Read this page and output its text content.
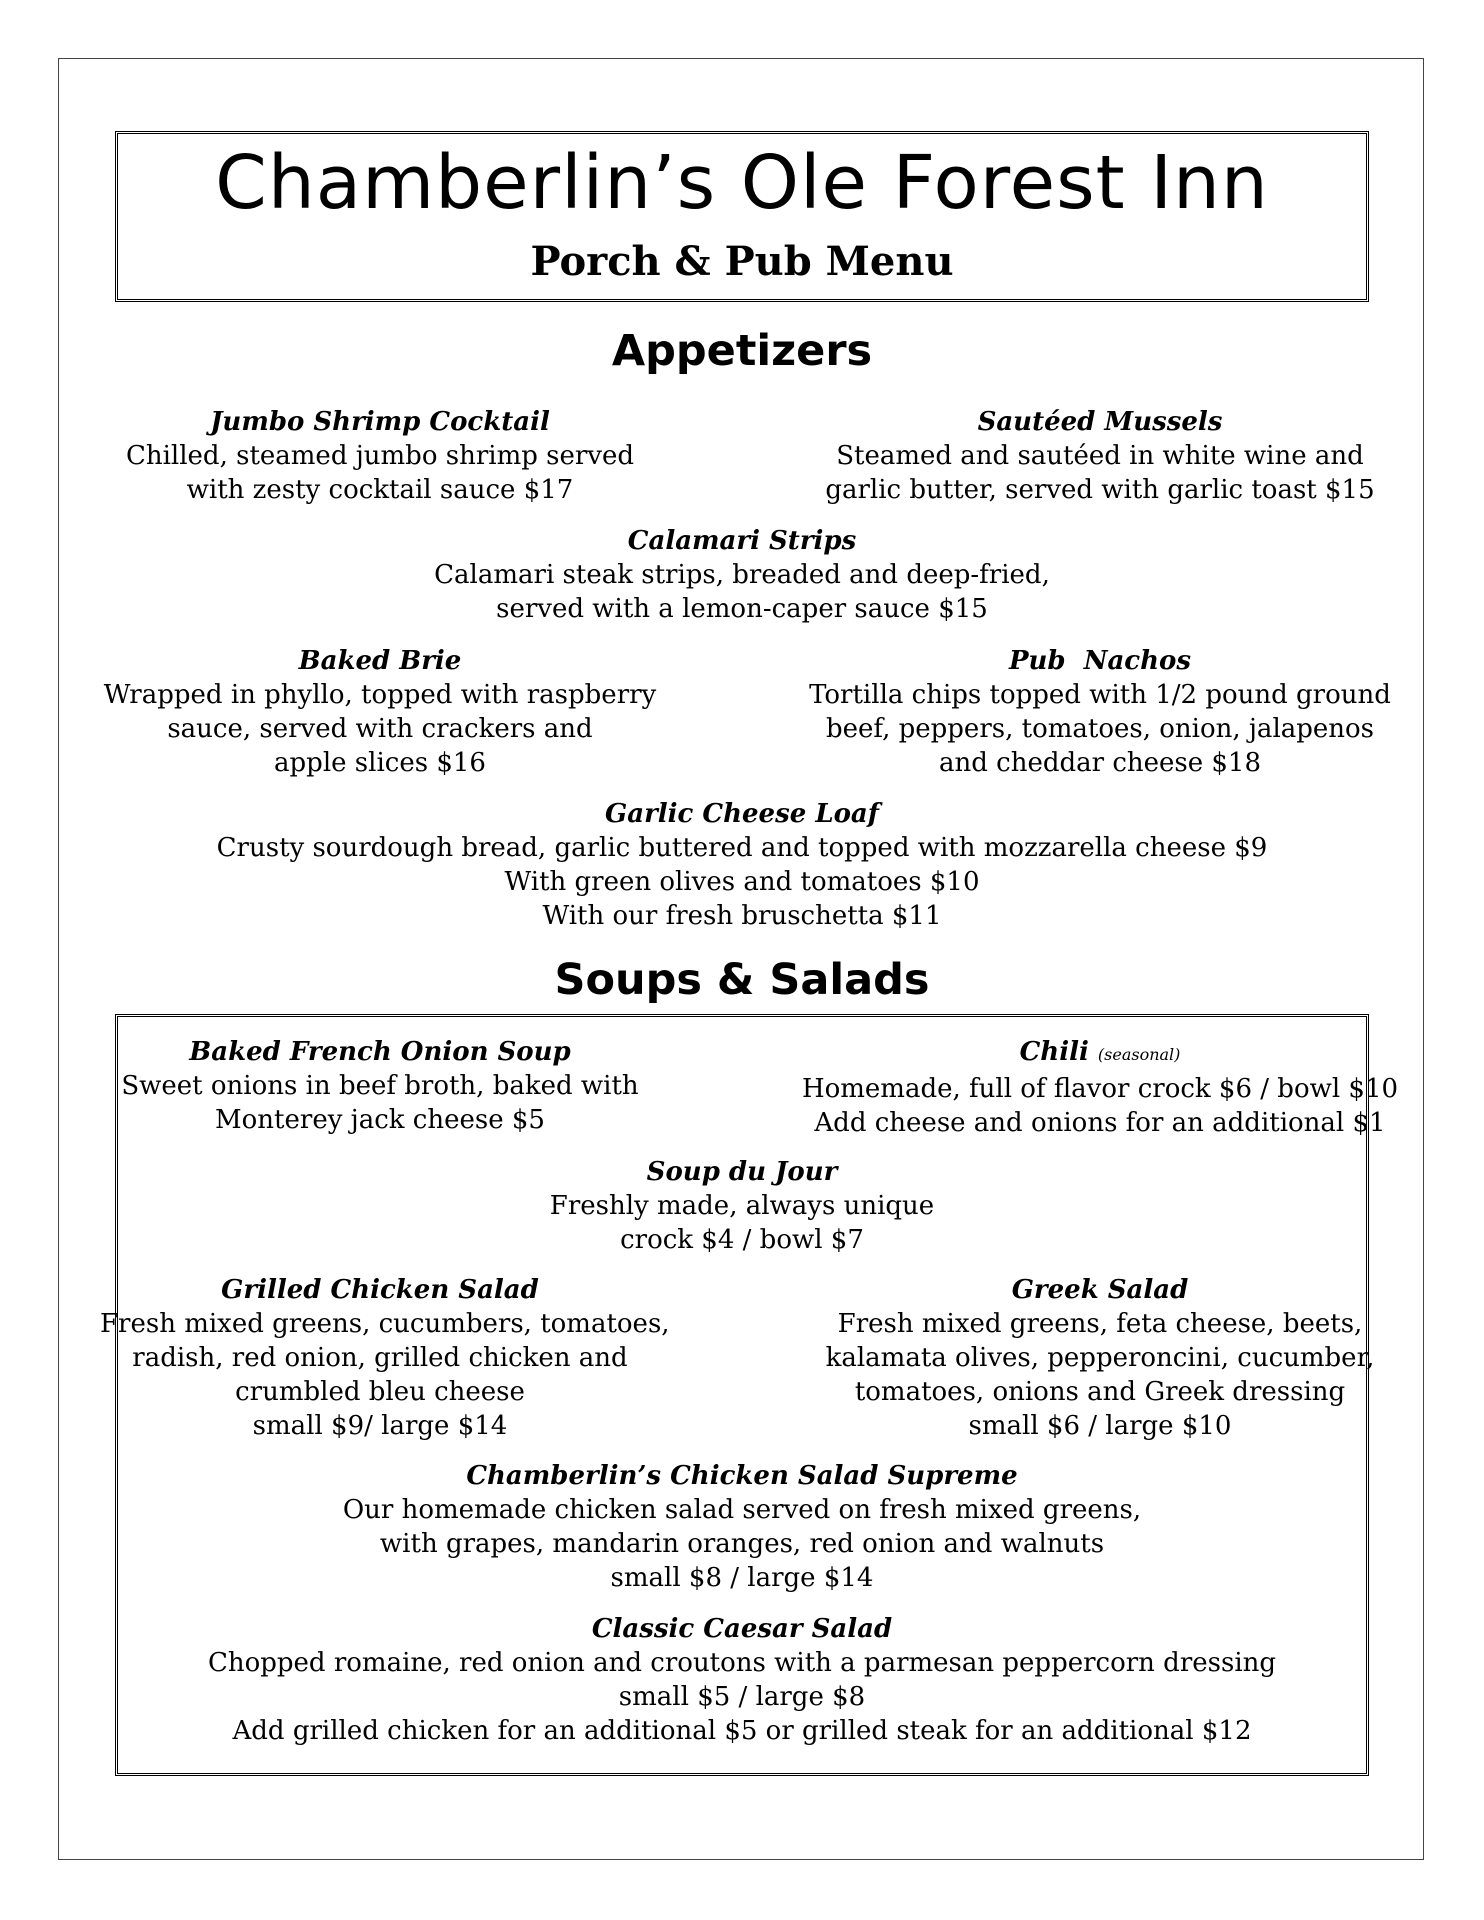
Chamberlin’s Ole Forest Inn
Porch & Pub Menu
Appetizers
Jumbo Shrimp Cocktail
Chilled, steamed jumbo shrimp served
with zesty cocktail sauce $17
Sautéed Mussels
Steamed and sautéed in white wine and
garlic butter, served with garlic toast $15
Calamari Strips
Calamari steak strips, breaded and deep-fried,
served with a lemon-caper sauce $15
Baked Brie
Wrapped in phyllo, topped with raspberry
sauce, served with crackers and
apple slices $16
Pub  Nachos
Tortilla chips topped with 1/2 pound ground
beef, peppers, tomatoes, onion, jalapenos
and cheddar cheese $18
Garlic Cheese Loaf
Crusty sourdough bread, garlic buttered and topped with mozzarella cheese $9
With green olives and tomatoes $10
With our fresh bruschetta $11
Soups & Salads
Baked French Onion Soup
Sweet onions in beef broth, baked with
Monterey jack cheese $5
Chili (seasonal)
Homemade, full of flavor crock $6 / bowl $10
Add cheese and onions for an additional $1
Soup du Jour
Freshly made, always unique
crock $4 / bowl $7
Grilled Chicken Salad
Fresh mixed greens, cucumbers, tomatoes,
radish, red onion, grilled chicken and
crumbled bleu cheese
small $9/ large $14
Greek Salad
Fresh mixed greens, feta cheese, beets,
kalamata olives, pepperoncini, cucumber,
tomatoes, onions and Greek dressing
small $6 / large $10
Chamberlin’s Chicken Salad Supreme
Our homemade chicken salad served on fresh mixed greens,
with grapes, mandarin oranges, red onion and walnuts
small $8 / large $14
Classic Caesar Salad
Chopped romaine, red onion and croutons with a parmesan peppercorn dressing
small $5 / large $8
Add grilled chicken for an additional $5 or grilled steak for an additional $12
